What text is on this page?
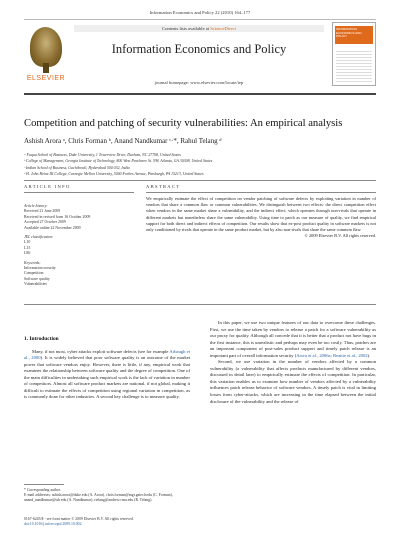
Information Economics and Policy 22 (2010) 164–177
ELSEVIER
Contents lists available at ScienceDirect
Information Economics and Policy
journal homepage: www.elsevier.com/locate/iep
INFORMATION ECONOMICS AND POLICY
Competition and patching of security vulnerabilities: An empirical analysis
Ashish Arora ᵃ, Chris Forman ᵇ, Anand Nandkumar ᶜ·*, Rahul Telang ᵈ
ᵃ Fuqua School of Business, Duke University, 1 Towerview Drive, Durham, NC 27708, United States
ᵇ College of Management, Georgia Institute of Technology, 800 West Peachtree St. NW, Atlanta, GA 30308, United States
ᶜ Indian School of Business, Gachibowli, Hyderabad 500 032, India
ᵈ H. John Heinz III College, Carnegie Mellon University, 5000 Forbes Avenue, Pittsburgh, PA 15213, United States
ARTICLE INFO	ABSTRACT
Article history:
Received 21 June 2009
Received in revised form 16 October 2009
Accepted 27 October 2009
Available online 22 November 2009
JEL classification:
L10
L15
L86
Keywords:
Information security
Competition
Software quality
Vulnerabilities
We empirically estimate the effect of competition on vendor patching of software defects by exploiting variation in number of vendors that share a common flaw or common vulnerabilities. We distinguish between two effects: the direct competition effect when vendors in the same market share a vulnerability, and the indirect effect, which operates through non-rivals that operate in different markets but nonetheless share the same vulnerability. Using time to patch as our measure of quality, we find empirical support for both direct and indirect effects of competition. Our results show that ex-post product quality in software markets is not only conditioned by rivals that operate in the same product market, but by also non-rivals that share the same common flaw.
© 2009 Elsevier B.V. All rights reserved.
1. Introduction

Many, if not most, cyber attacks exploit software defects (see for example Arbaugh et al., 2000). It is widely believed that poor software quality is an outcome of the market power that software vendors enjoy. However, there is little, if any, empirical work that examines the relationship between software quality and the degree of competition. One of the main difficulties in undertaking such empirical work is the lack of variation in number of competitors. Almost all software product markets are national, if not global, making it difficult to estimate the effects of competition using regional variation in competition, as is commonly done for other industries. A second key challenge is to measure quality.

In this paper, we use two unique features of our data to overcome these challenges. First, we use the time taken by vendors to release a patch for a software vulnerability as our proxy for quality. Although all concede that it is better that a product not have bugs in the first instance, this is unrealistic and perhaps may even be too costly. Thus, patches are an important component of post-sales product support and timely patch release is an important part of overall information security (Arora et al., 2006a; Beattie et al., 2002).

Second, we use variation in the number of vendors affected by a common vulnerability (a vulnerability that affects products manufactured by different vendors, discussed in detail later) to empirically estimate the effects of competition. In particular, this variation enables us to examine how number of vendors affected by a vulnerability influences patch release behavior of software vendors. A timely patch is vital in limiting losses from cyber-attacks, which are increasing in the time elapsed between the initial disclosure of the vulnerability and the release of

* Corresponding author.
E-mail addresses: ashish.arora@duke.edu (A. Arora), chris.forman@mgt.gatech.edu (C. Forman), anand_nandkumar@isb.edu (A. Nandkumar), rtelang@andrew.cmu.edu (R. Telang).
0167-6245/$ - see front matter © 2009 Elsevier B.V. All rights reserved.
doi:10.1016/j.infoecopol.2009.10.002
